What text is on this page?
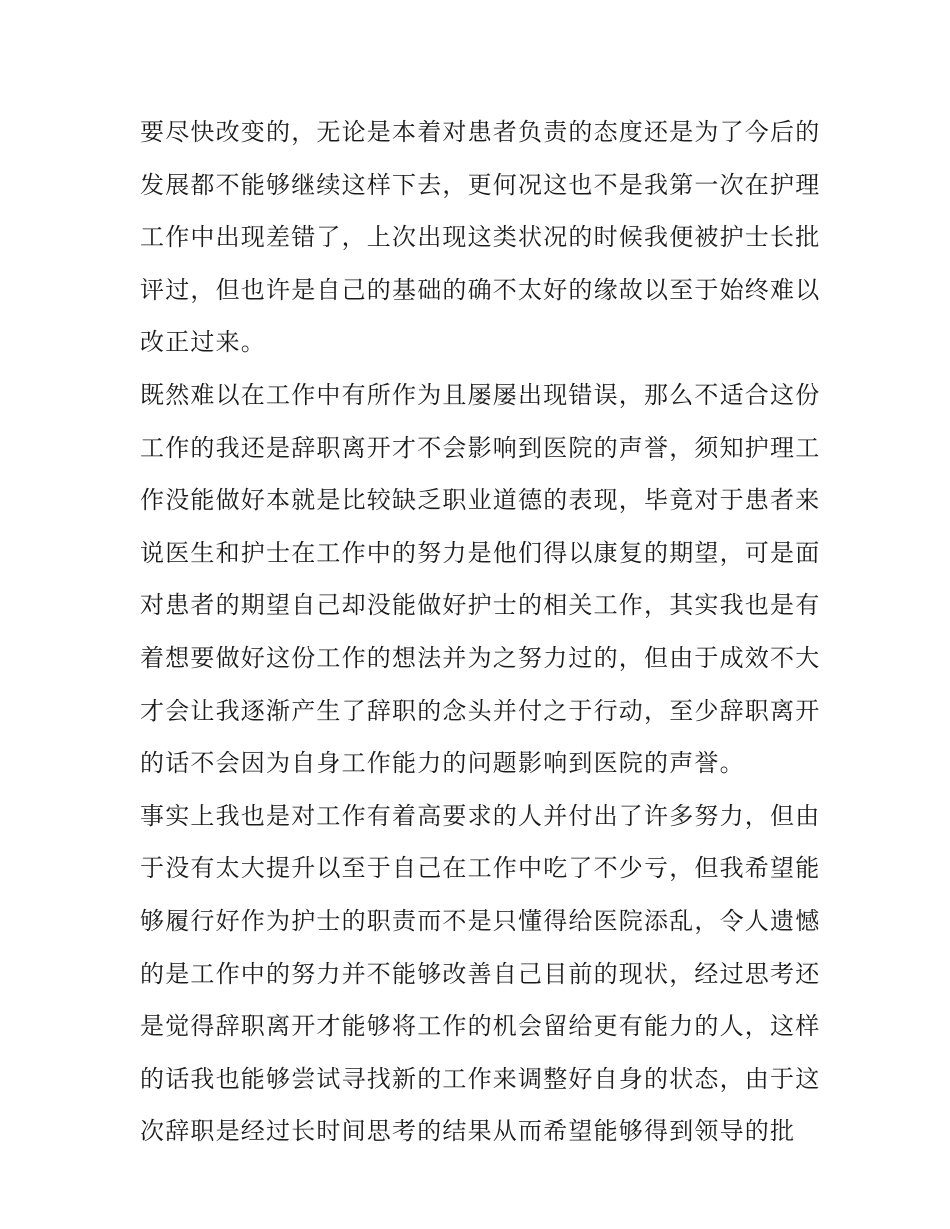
要尽快改变的，无论是本着对患者负责的态度还是为了今后的
发展都不能够继续这样下去，更何况这也不是我第一次在护理
工作中出现差错了，上次出现这类状况的时候我便被护士长批
评过，但也许是自己的基础的确不太好的缘故以至于始终难以
改正过来。
既然难以在工作中有所作为且屡屡出现错误，那么不适合这份
工作的我还是辞职离开才不会影响到医院的声誉，须知护理工
作没能做好本就是比较缺乏职业道德的表现，毕竟对于患者来
说医生和护士在工作中的努力是他们得以康复的期望，可是面
对患者的期望自己却没能做好护士的相关工作，其实我也是有
着想要做好这份工作的想法并为之努力过的，但由于成效不大
才会让我逐渐产生了辞职的念头并付之于行动，至少辞职离开
的话不会因为自身工作能力的问题影响到医院的声誉。
事实上我也是对工作有着高要求的人并付出了许多努力，但由
于没有太大提升以至于自己在工作中吃了不少亏，但我希望能
够履行好作为护士的职责而不是只懂得给医院添乱，令人遗憾
的是工作中的努力并不能够改善自己目前的现状，经过思考还
是觉得辞职离开才能够将工作的机会留给更有能力的人，这样
的话我也能够尝试寻找新的工作来调整好自身的状态，由于这
次辞职是经过长时间思考的结果从而希望能够得到领导的批
